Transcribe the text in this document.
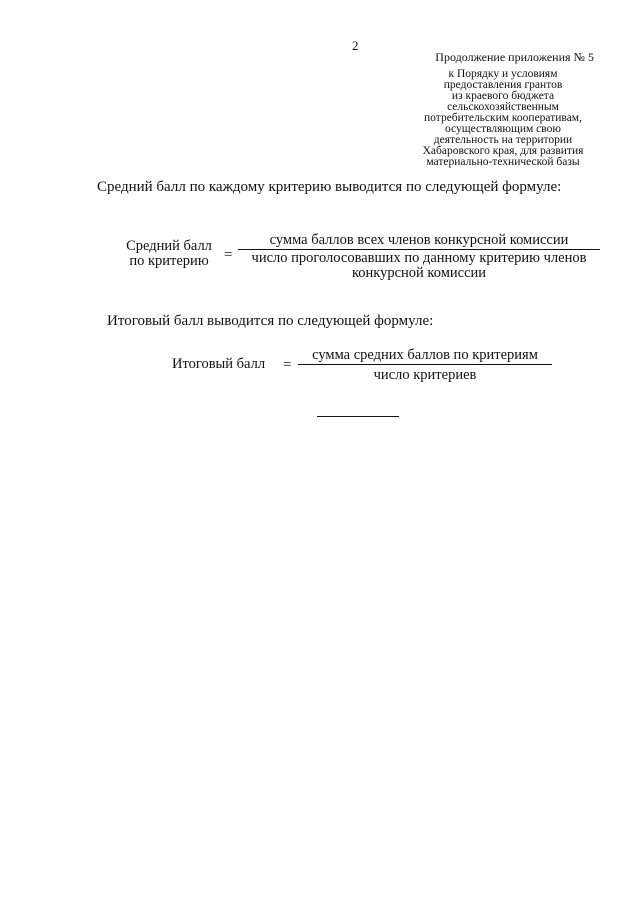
2
Продолжение приложения № 5
к Порядку и условиям
предоставления грантов
из краевого бюджета
сельскохозяйственным
потребительским кооперативам,
осуществляющим свою
деятельность на территории
Хабаровского края, для развития
материально-технической базы
Средний балл по каждому критерию выводится по следующей формуле:
Средний балл
по критерию	=
сумма баллов всех членов конкурсной комиссии
число проголосовавших по данному критерию членов
конкурсной комиссии
Итоговый балл выводится по следующей формуле:
Итоговый балл =
сумма средних баллов по критериям
число критериев
